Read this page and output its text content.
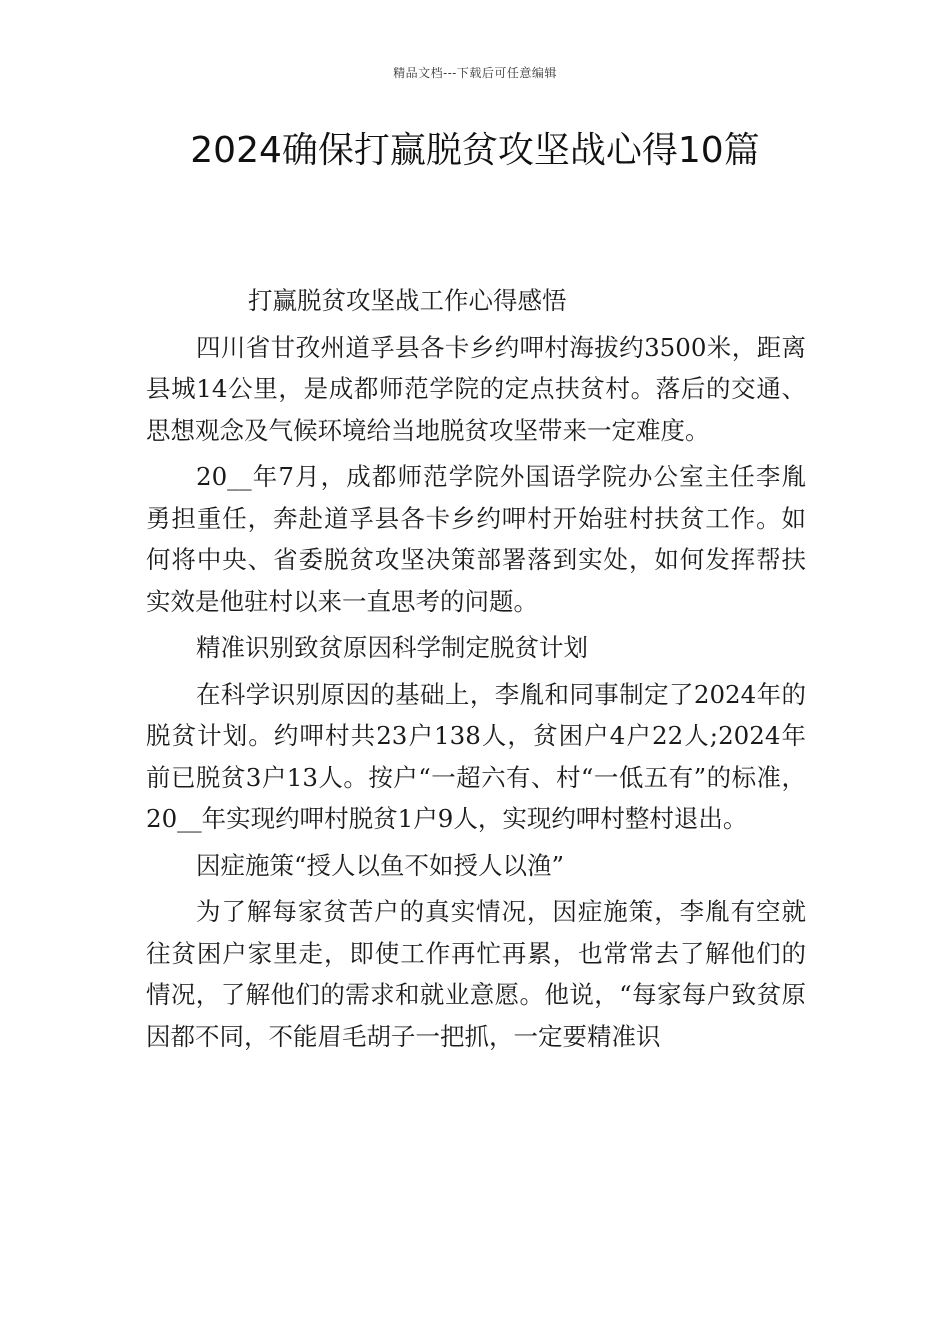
精品文档---下载后可任意编辑
2024确保打赢脱贫攻坚战心得10篇

打赢脱贫攻坚战工作心得感悟

四川省甘孜州道孚县各卡乡约呷村海拔约3500米，距离县城14公里，是成都师范学院的定点扶贫村。落后的交通、思想观念及气候环境给当地脱贫攻坚带来一定难度。

20__年7月，成都师范学院外国语学院办公室主任李胤勇担重任，奔赴道孚县各卡乡约呷村开始驻村扶贫工作。如何将中央、省委脱贫攻坚决策部署落到实处，如何发挥帮扶实效是他驻村以来一直思考的问题。

精准识别致贫原因科学制定脱贫计划

在科学识别原因的基础上，李胤和同事制定了2024年的脱贫计划。约呷村共23户138人，贫困户4户22人;2024年前已脱贫3户13人。按户“一超六有、村“一低五有”的标准，20__年实现约呷村脱贫1户9人，实现约呷村整村退出。

因症施策“授人以鱼不如授人以渔”

为了解每家贫苦户的真实情况，因症施策，李胤有空就往贫困户家里走，即使工作再忙再累，也常常去了解他们的情况，了解他们的需求和就业意愿。他说，“每家每户致贫原因都不同，不能眉毛胡子一把抓，一定要精准识
